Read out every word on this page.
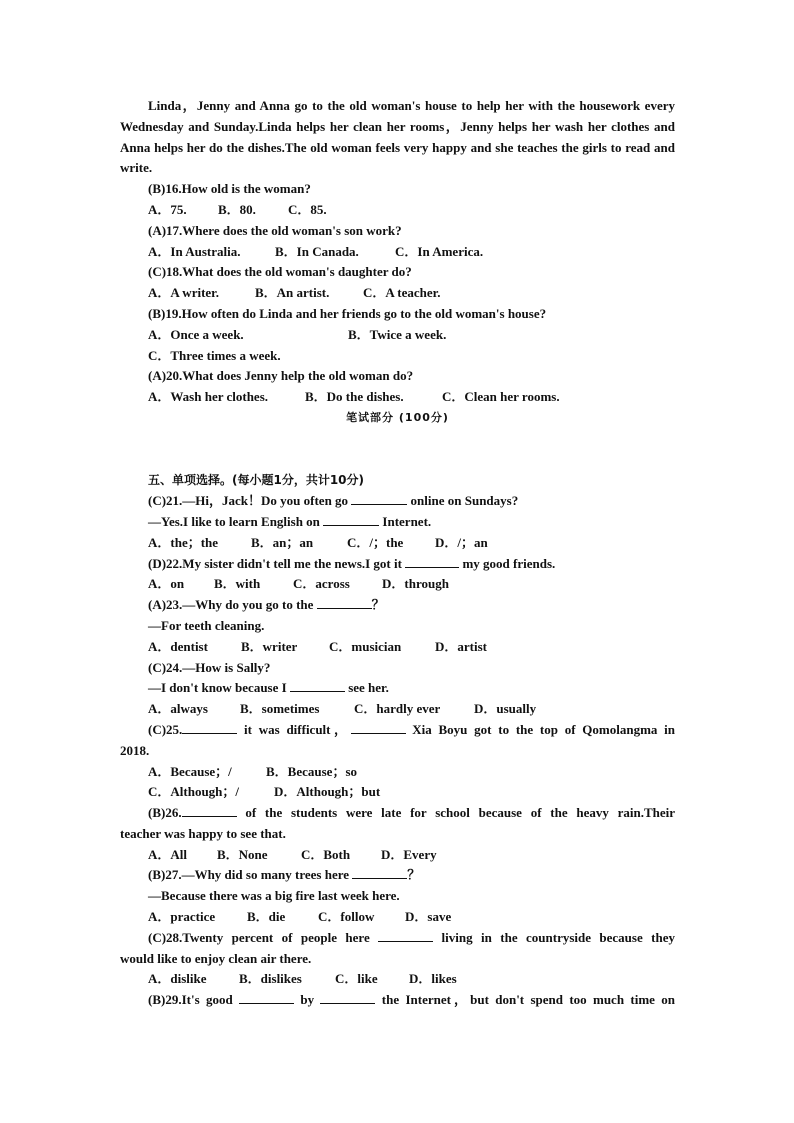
Linda，Jenny and Anna go to the old woman's house to help her with the housework every Wednesday and Sunday.Linda helps her clean her rooms，Jenny helps her wash her clothes and Anna helps her do the dishes.The old woman feels very happy and she teaches the girls to read and write.

(B)16.How old is the woman?
A．75. B．80. C．85.
(A)17.Where does the old woman's son work?
A．In Australia.	B．In Canada.	C．In America.
(C)18.What does the old woman's daughter do?
A．A writer.	B．An artist.	C．A teacher.
(B)19.How often do Linda and her friends go to the old woman's house?
A．Once a week.	B．Twice a week.
C．Three times a week.
(A)20.What does Jenny help the old woman do?
A．Wash her clothes.	B．Do the dishes.	C．Clean her rooms.
笔试部分 (100分)
五、单项选择。(每小题1分，共计10分)
(C)21.—Hi，Jack！Do you often go	online on Sundays?
—Yes.I like to learn English on	Internet.
A．the；the	B．an；an	C．/；the D．/；an
(D)22.My sister didn't tell me the news.I got it	my good friends.
A．on B．with	C．across D．through
(A)23.—Why do you go to the	？
—For teeth cleaning.
A．dentist	B．writer C．musician	D．artist
(C)24.—How is Sally?
—I don't know because I	see her.
A．always B．sometimes	C．hardly ever	D．usually
(C)25.	it was difficult，	Xia Boyu got to the top of Qomolangma in
2018.
A．Because；/	B．Because；so
C．Although；/	D．Although；but
(B)26.	of the students were late for school because of the heavy rain.Their
teacher was happy to see that.
A．All B．None	C．Both D．Every
(B)27.—Why did so many trees here	？
—Because there was a big fire last week here.
A．practice B．die	C．follow D．save
(C)28.Twenty percent of people here	living in the countryside because they
would like to enjoy clean air there.
A．dislike B．dislikes	C．like D．likes
(B)29.It's good	by	the Internet，but don't spend too much time on
